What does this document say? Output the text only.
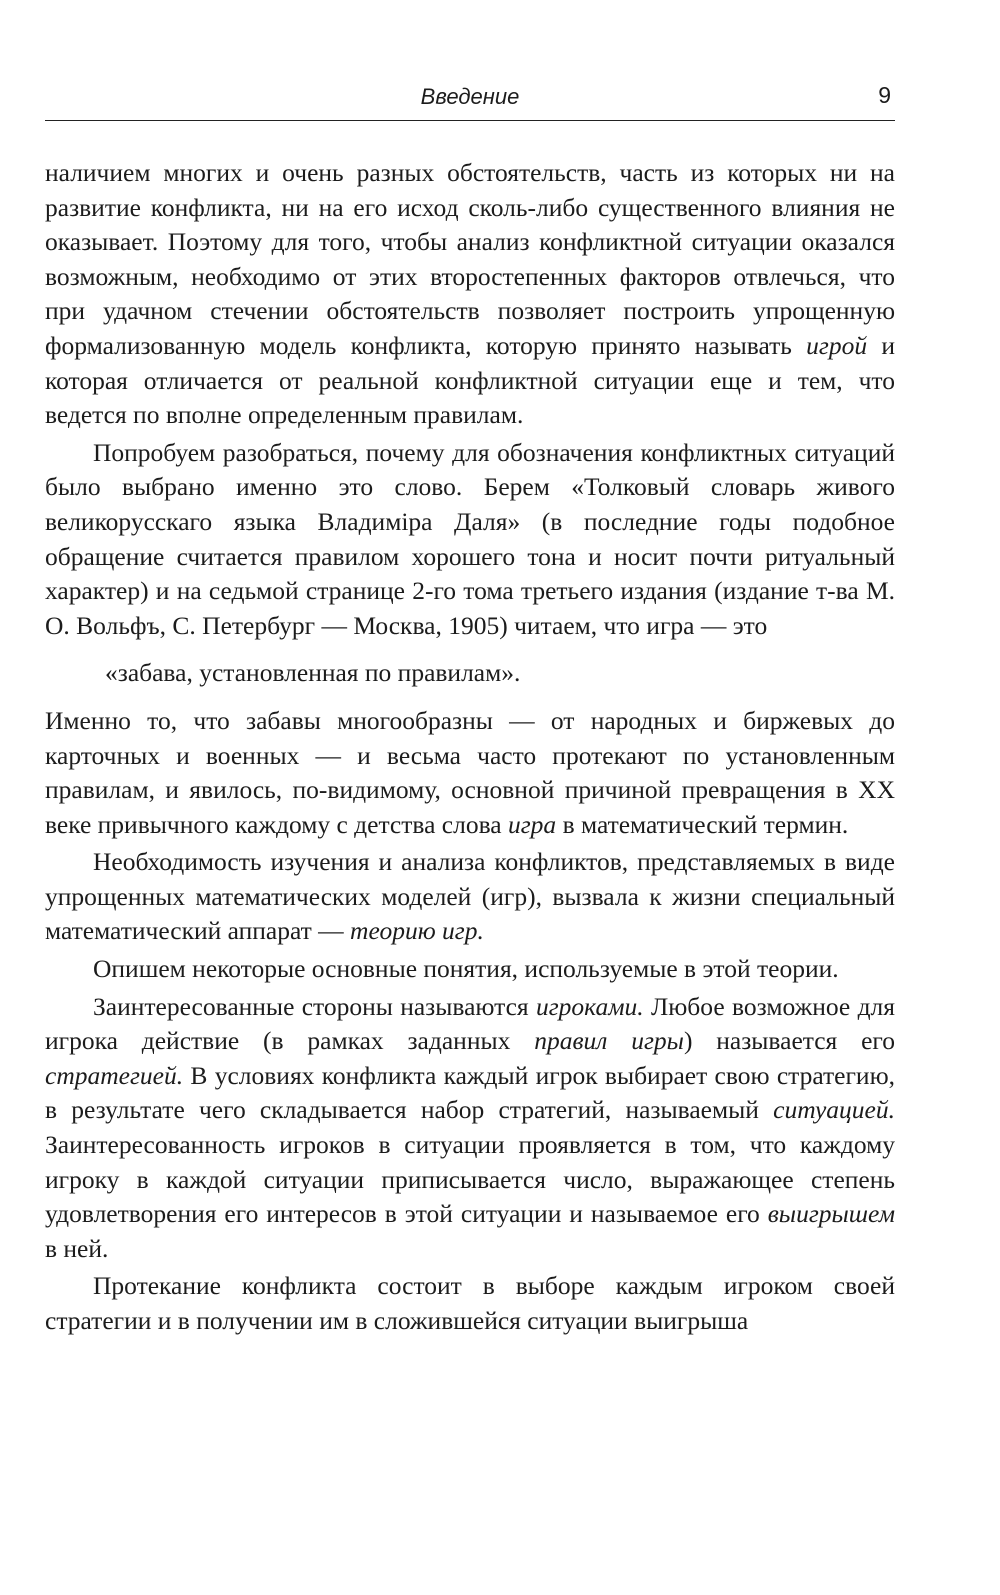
Введение	9

наличием многих и очень разных обстоятельств, часть из которых ни на развитие конфликта, ни на его исход сколь-либо существенного влияния не оказывает. Поэтому для того, чтобы анализ конфликтной ситуации оказался возможным, необходимо от этих второстепенных факторов отвлечься, что при удачном стечении обстоятельств позволяет построить упрощенную формализованную модель конфликта, которую принято называть игрой и которая отличается от реальной конфликтной ситуации еще и тем, что ведется по вполне определенным правилам.

Попробуем разобраться, почему для обозначения конфликтных ситуаций было выбрано именно это слово. Берем «Толковый словарь живого великорусскаго языка Владимiра Даля» (в последние годы подобное обращение считается правилом хорошего тона и носит почти ритуальный характер) и на седьмой странице 2-го тома третьего издания (издание т-ва М. О. Вольфъ, С. Петербург — Москва, 1905) читаем, что игра — это

«забава, установленная по правилам».

Именно то, что забавы многообразны — от народных и биржевых до карточных и военных — и весьма часто протекают по установленным правилам, и явилось, по-видимому, основной причиной превращения в XX веке привычного каждому с детства слова игра в математический термин.

Необходимость изучения и анализа конфликтов, представляемых в виде упрощенных математических моделей (игр), вызвала к жизни специальный математический аппарат — теорию игр.

Опишем некоторые основные понятия, используемые в этой теории.

Заинтересованные стороны называются игроками. Любое возможное для игрока действие (в рамках заданных правил игры) называется его стратегией. В условиях конфликта каждый игрок выбирает свою стратегию, в результате чего складывается набор стратегий, называемый ситуацией. Заинтересованность игроков в ситуации проявляется в том, что каждому игроку в каждой ситуации приписывается число, выражающее степень удовлетворения его интересов в этой ситуации и называемое его выигрышем в ней.

Протекание конфликта состоит в выборе каждым игроком своей стратегии и в получении им в сложившейся ситуации выигрыша
